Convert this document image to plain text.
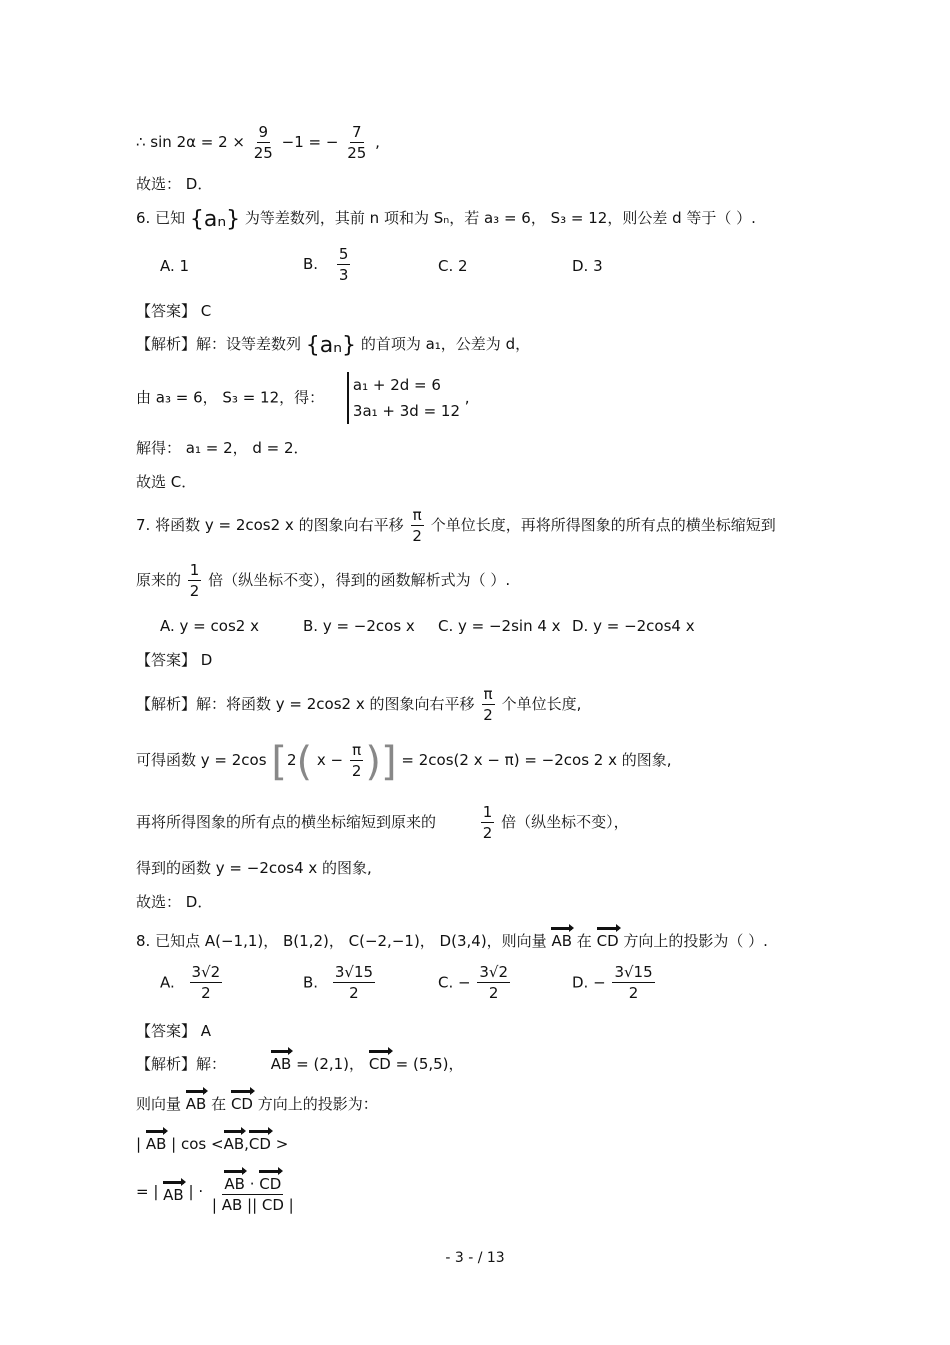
∴ $\sin 2\alpha = 2 \times \frac{9}{25} -1$ = − $\frac{7}{25}$ ,
故选： D．
6. 已知 {aₙ} 为等差数列，其前 n 项和为 Sₙ，若 a₃ = 6， S₃ = 12，则公差 d 等于（ ）.
A. 1	B. $\frac{5}{3}$	C. 2	D. 3
【答案】 C
【解析】解：设等差数列 {aₙ} 的首项为 a₁，公差为 d，
由 a₃ = 6， S₃ = 12，得：
a₁ + 2d = 6
3a₁ + 3d = 12
,
解得： a₁ = 2， d = 2．
故选 C．
7. 将函数 y = 2cos2 x 的图象向右平移 $\frac{\pi}{2}$ 个单位长度，再将所得图象的所有点的横坐标缩短到
原来的 $\frac{1}{2}$ 倍（纵坐标不变），得到的函数解析式为（ ）.
A. y = cos2 x	B. y = −2cos x C. y = −2sin 4 x D. y = −2cos4 x
【答案】 D
【解析】解：将函数 y = 2cos2 x 的图象向右平移 $\frac{\pi}{2}$ 个单位长度,
可得函数 y = 2cos [2( $x - \frac{\pi}{2}$ )] = 2cos(2 x − π) = −2cos 2 x 的图象,
再将所得图象的所有点的横坐标缩短到原来的	$\frac{1}{2}$ 倍（纵坐标不变），
得到的函数 y = −2cos4 x 的图象,
故选： D．
8. 已知点 A(−1,1)， B(1,2)， C(−2,−1)， D(3,4)，则向量 AB 在 CD 方向上的投影为（ ）.
A. $\frac{3√2}{2}$	B. $\frac{3√15}{2}$	C. − $\frac{3√2}{2}$	D. − $\frac{3√15}{2}$
【答案】 A
【解析】解：	AB = (2,1)， CD = (5,5)，
则向量 AB 在 CD 方向上的投影为：
| AB | cos <AB,CD >
= | AB | · $\frac{AB \cdot CD}{| AB || CD |}$
- 3 - / 13
